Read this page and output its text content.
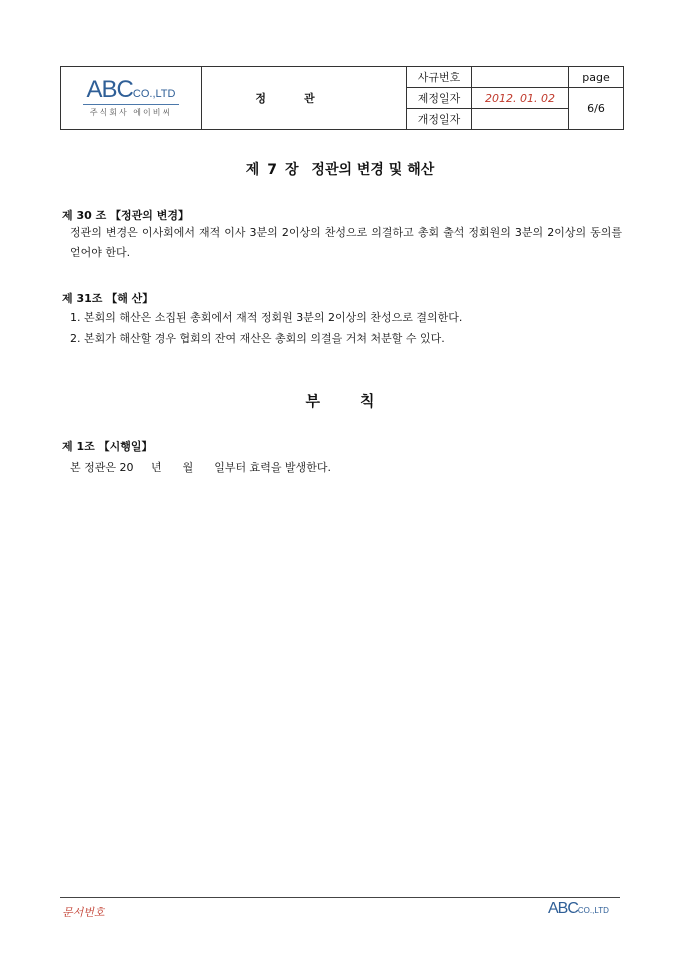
ABCCO.,LTD
주식회사 에이비씨	정관	사규번호		page
		제정일자	2012. 01. 02	6/6
		개정일자		
제 7 장 정관의 변경 및 해산
제 30 조 【정관의 변경】
정관의 변경은 이사회에서 재적 이사 3분의 2이상의 찬성으로 의결하고 총회 출석 정회원의 3분의 2이상의 동의를 얻어야 한다.
제 31조 【해 산】
1. 본회의 해산은 소집된 총회에서 재적 정회원 3분의 2이상의 찬성으로 결의한다.
2. 본회가 해산할 경우 협회의 잔여 재산은 총회의 의결을 거쳐 처분할 수 있다.
부	칙
제 1조 【시행일】
본 정관은 20     년      월      일부터 효력을 발생한다.
문서번호	ABCCO.,LTD
